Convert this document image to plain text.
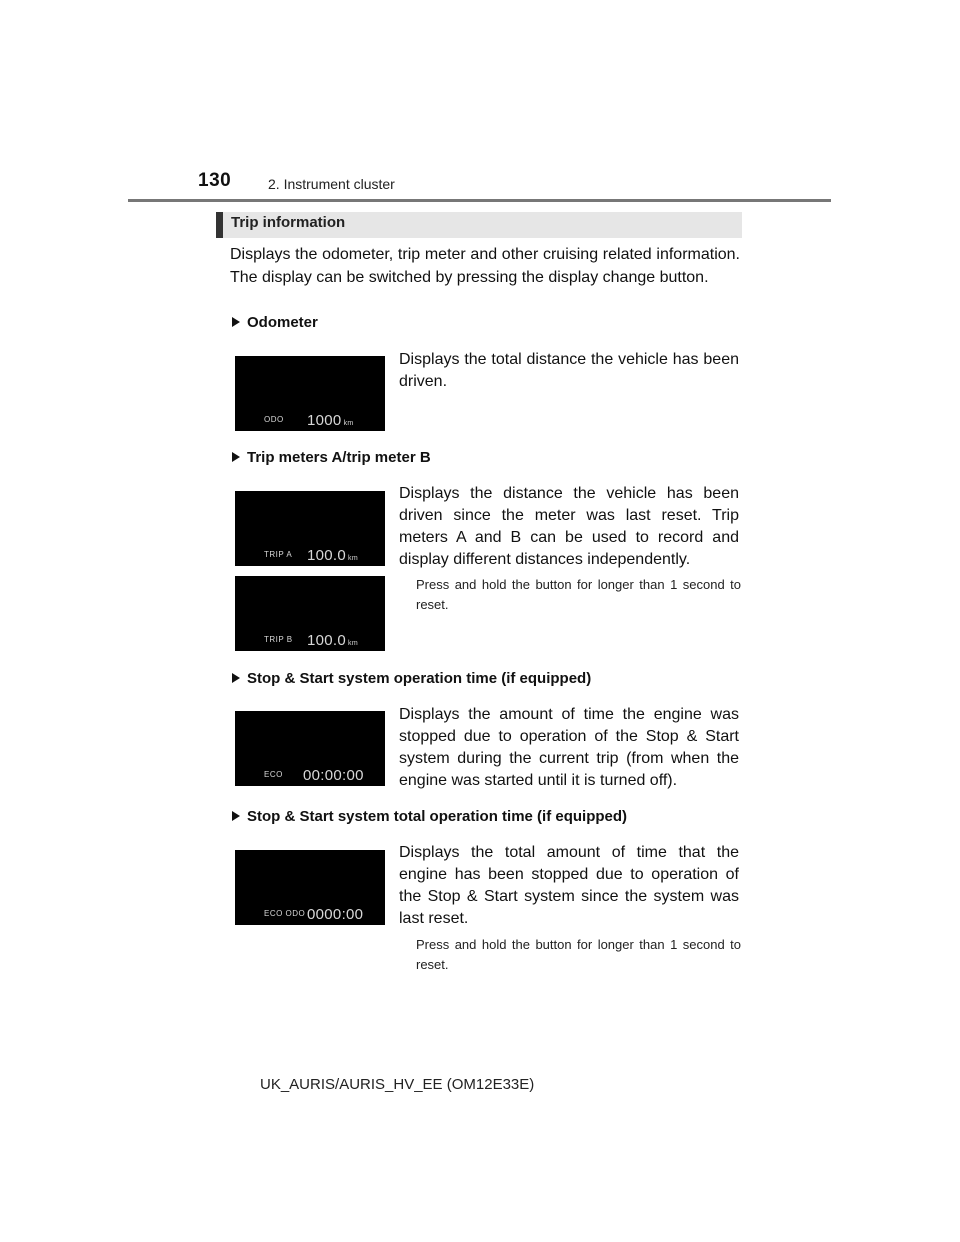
130	2. Instrument cluster
Trip information
Displays the odometer, trip meter and other cruising related information. The display can be switched by pressing the display change button.
Odometer
ODO 1000 km
Displays the total distance the vehicle has been driven.
Trip meters A/trip meter B
TRIP A 100.0 km
TRIP B 100.0 km
Displays the distance the vehicle has been driven since the meter was last reset. Trip meters A and B can be used to record and display different distances independently.
Press and hold the button for longer than 1 second to reset.
Stop & Start system operation time (if equipped)
ECO 00:00:00
Displays the amount of time the engine was stopped due to operation of the Stop & Start system during the current trip (from when the engine was started until it is turned off).
Stop & Start system total operation time (if equipped)
ECO ODO 0000:00
Displays the total amount of time that the engine has been stopped due to operation of the Stop & Start system since the system was last reset.
Press and hold the button for longer than 1 second to reset.
UK_AURIS/AURIS_HV_EE (OM12E33E)
